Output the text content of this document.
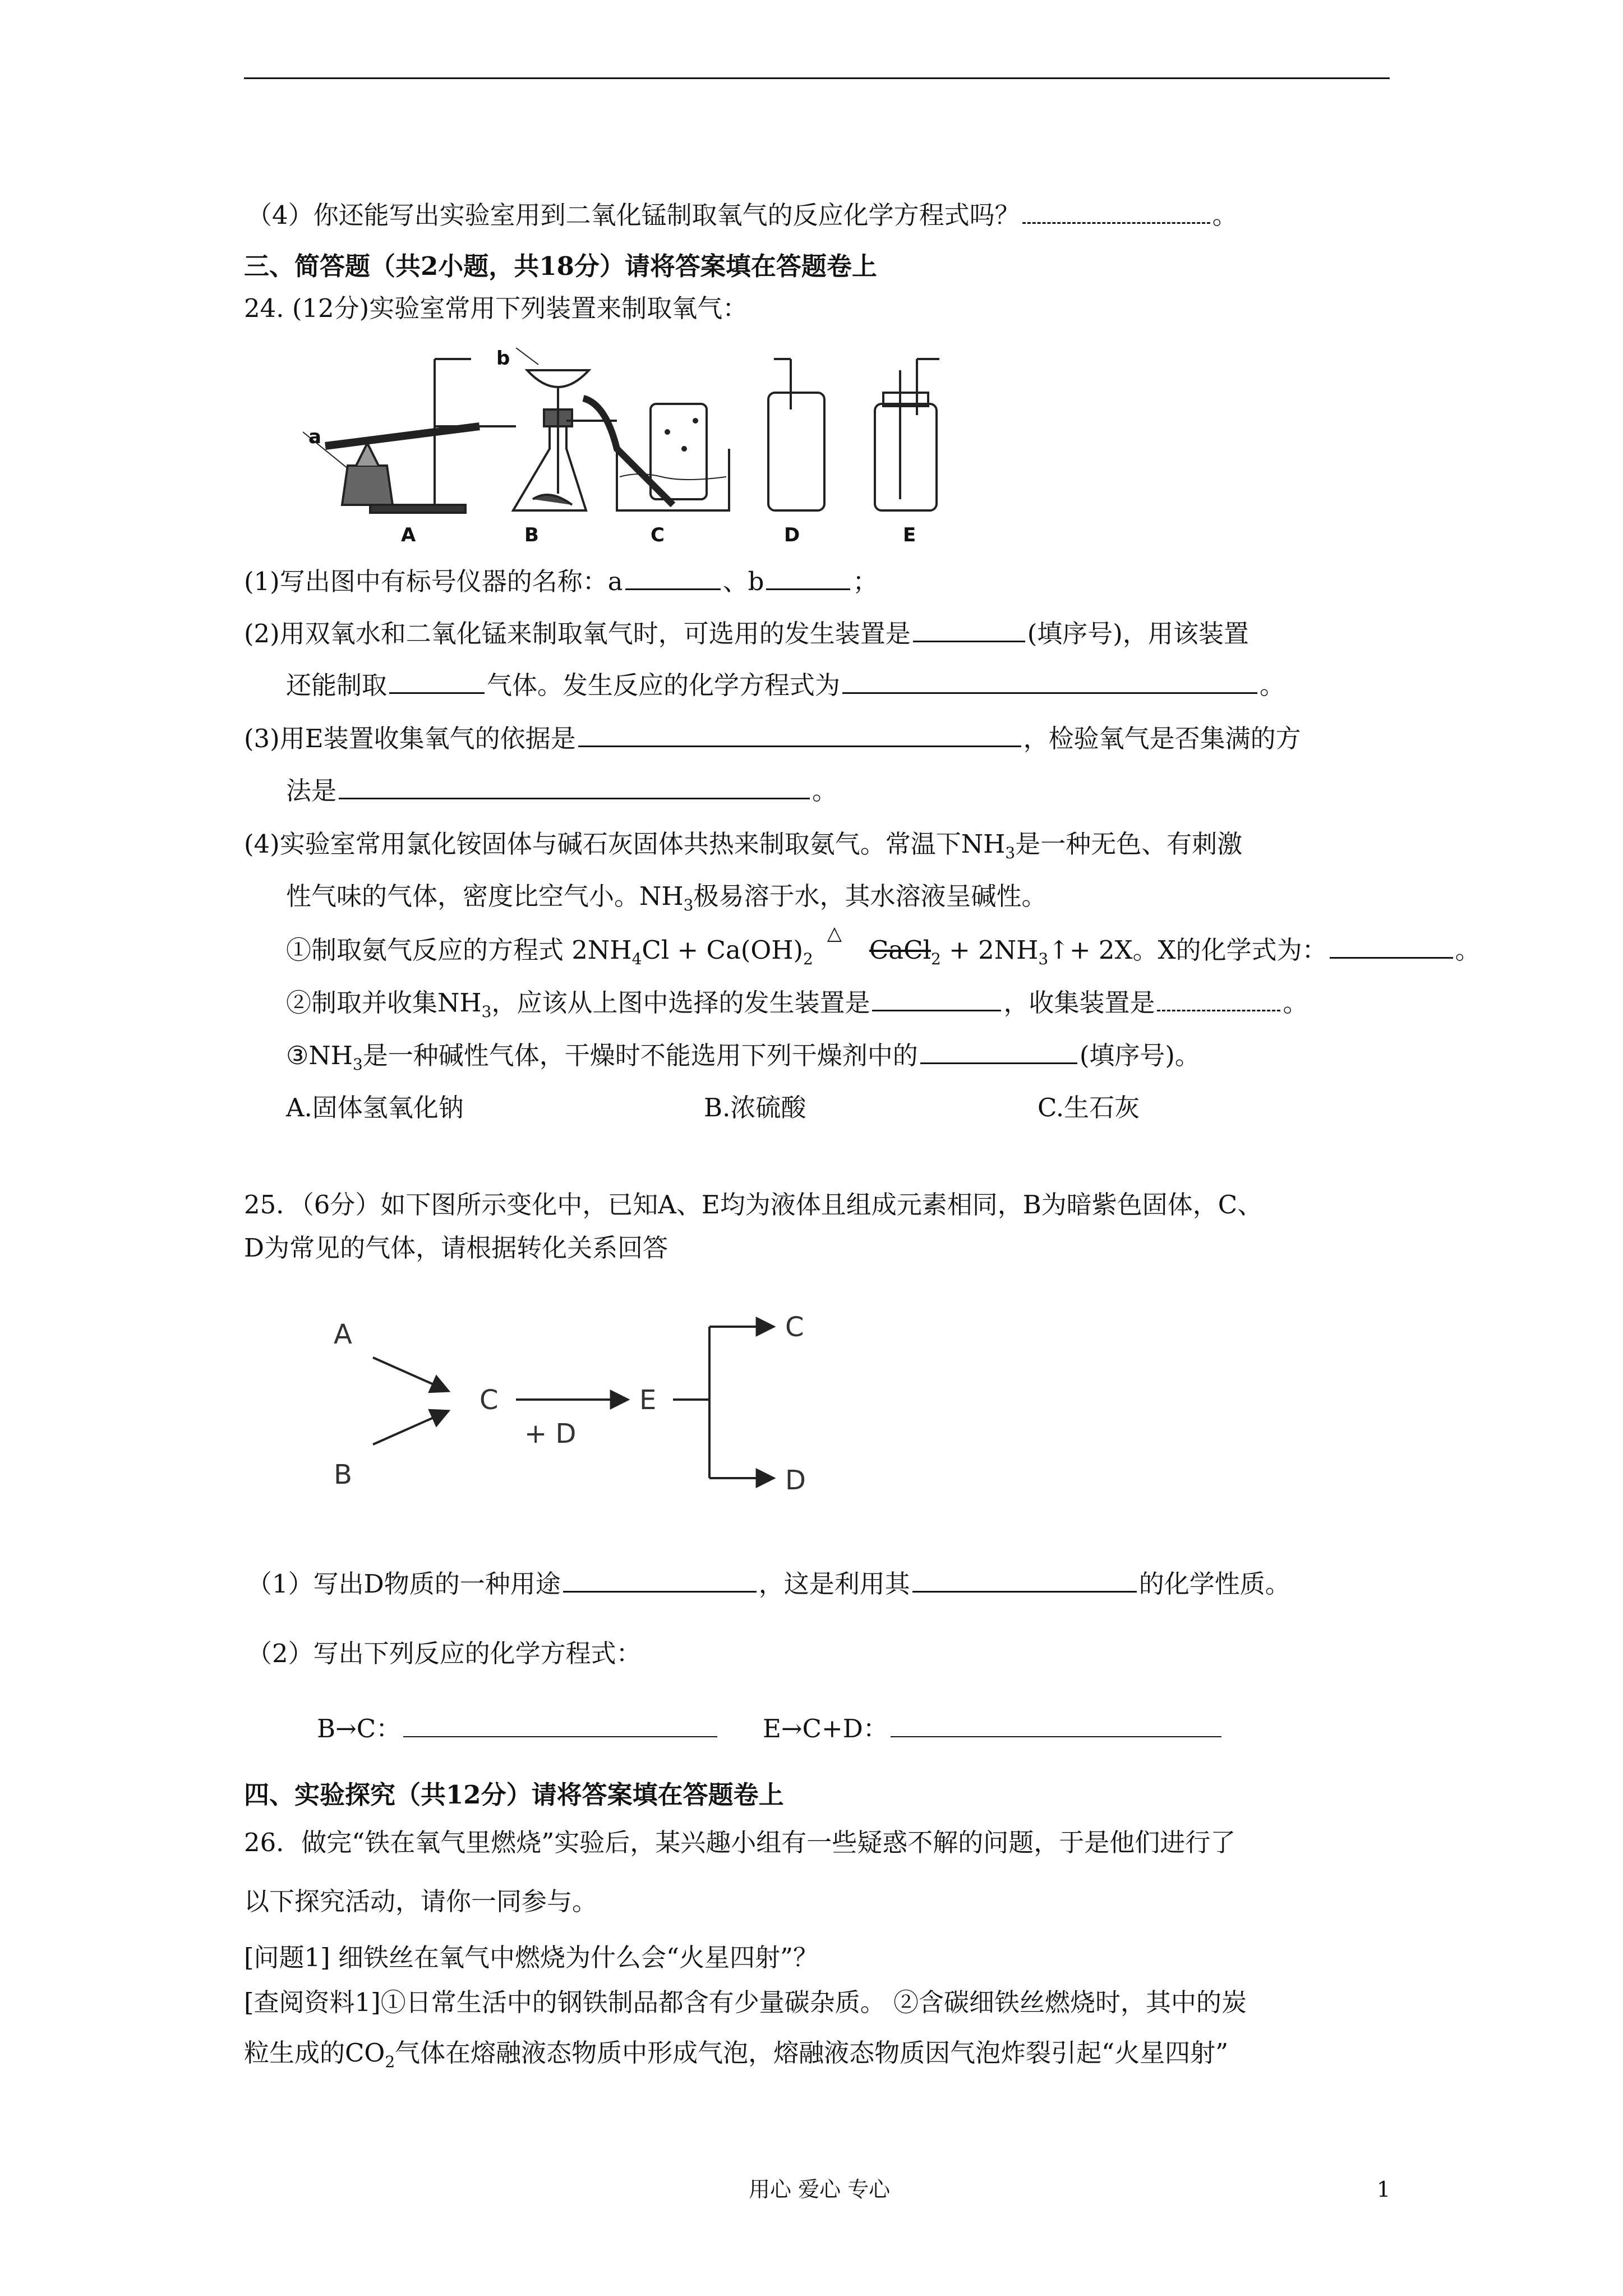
（4）你还能写出实验室用到二氧化锰制取氧气的反应化学方程式吗？	。
三、简答题（共2小题，共18分）请将答案填在答题卷上
24. (12分)实验室常用下列装置来制取氧气：
a
b
A	B	C	D	E
(1)写出图中有标号仪器的名称：a	、b	；
(2)用双氧水和二氧化锰来制取氧气时，可选用的发生装置是	(填序号)，用该装置
还能制取	气体。发生反应的化学方程式为	。
(3)用E装置收集氧气的依据是	，检验氧气是否集满的方
法是	。
(4)实验室常用氯化铵固体与碱石灰固体共热来制取氨气。常温下$NH_3$是一种无色、有刺激
性气味的气体，密度比空气小。$NH_3$极易溶于水，其水溶液呈碱性。
①制取氨气反应的方程式 $2NH_4Cl + Ca(OH)_2$
△
CaCl$_2$ + $2NH_3↑+ 2X$。X的化学式为：	。
②制取并收集$NH_3$，应该从上图中选择的发生装置是	，收集装置是	。
$③NH_3$是一种碱性气体，干燥时不能选用下列干燥剂中的	(填序号)。
A.固体氢氧化钠	B.浓硫酸	C.生石灰
25．（6分）如下图所示变化中，已知A、E均为液体且组成元素相同，B为暗紫色固体，C、
D为常见的气体，请根据转化关系回答
A
B
C
+ D
E
C
D
（1）写出D物质的一种用途	，这是利用其	的化学性质。
（2）写出下列反应的化学方程式：
B→C：	E→C+D：
四、实验探究（共12分）请将答案填在答题卷上
26．做完“铁在氧气里燃烧”实验后，某兴趣小组有一些疑惑不解的问题，于是他们进行了
以下探究活动，请你一同参与。
[问题1] 细铁丝在氧气中燃烧为什么会“火星四射”？
[查阅资料1]①日常生活中的钢铁制品都含有少量碳杂质。 ②含碳细铁丝燃烧时，其中的炭
粒生成的$CO_2$气体在熔融液态物质中形成气泡，熔融液态物质因气泡炸裂引起“火星四射”
用心 爱心 专心	1
